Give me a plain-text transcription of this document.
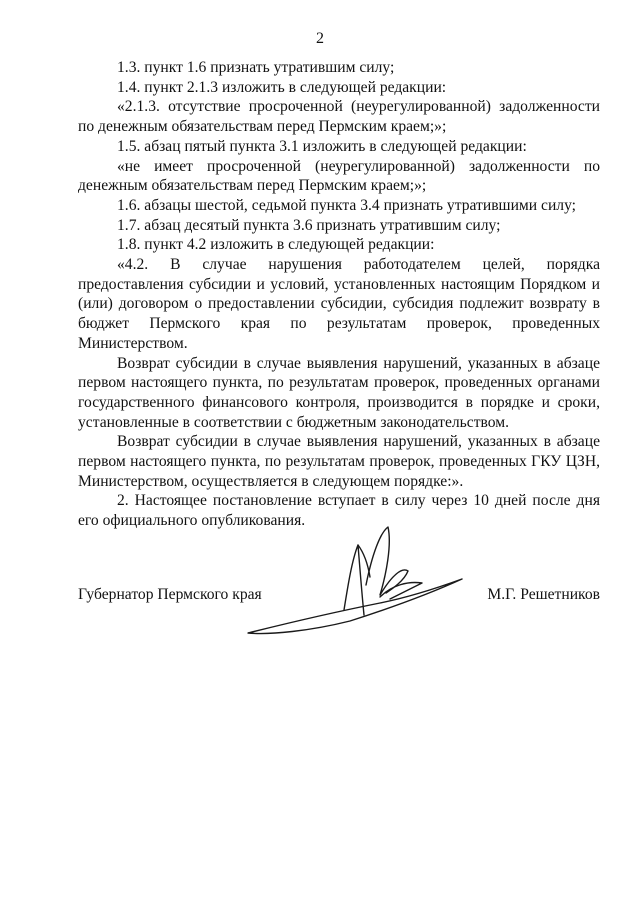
2

1.3. пункт 1.6 признать утратившим силу;

1.4. пункт 2.1.3 изложить в следующей редакции:

«2.1.3. отсутствие просроченной (неурегулированной) задолженности по денежным обязательствам перед Пермским краем;»;

1.5. абзац пятый пункта 3.1 изложить в следующей редакции:

«не имеет просроченной (неурегулированной) задолженности по денежным обязательствам перед Пермским краем;»;

1.6. абзацы шестой, седьмой пункта 3.4 признать утратившими силу;

1.7. абзац десятый пункта 3.6 признать утратившим силу;

1.8. пункт 4.2 изложить в следующей редакции:

«4.2. В случае нарушения работодателем целей, порядка предоставления субсидии и условий, установленных настоящим Порядком и (или) договором о предоставлении субсидии, субсидия подлежит возврату в бюджет Пермского края по результатам проверок, проведенных Министерством.

Возврат субсидии в случае выявления нарушений, указанных в абзаце первом настоящего пункта, по результатам проверок, проведенных органами государственного финансового контроля, производится в порядке и сроки, установленные в соответствии с бюджетным законодательством.

Возврат субсидии в случае выявления нарушений, указанных в абзаце первом настоящего пункта, по результатам проверок, проведенных ГКУ ЦЗН, Министерством, осуществляется в следующем порядке:».

2. Настоящее постановление вступает в силу через 10 дней после дня его официального опубликования.

Губернатор Пермского края	М.Г. Решетников
